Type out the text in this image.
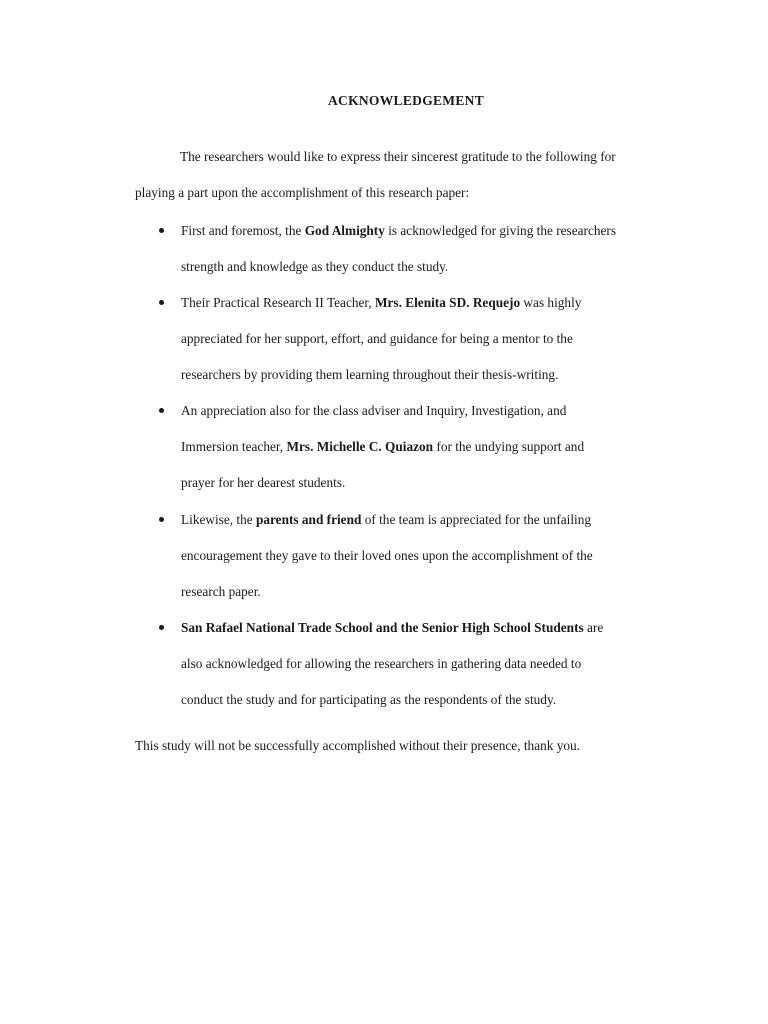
ACKNOWLEDGEMENT

The researchers would like to express their sincerest gratitude to the following for
playing a part upon the accomplishment of this research paper:

First and foremost, the God Almighty is acknowledged for giving the researchers
strength and knowledge as they conduct the study.
Their Practical Research II Teacher, Mrs. Elenita SD. Requejo was highly
appreciated for her support, effort, and guidance for being a mentor to the
researchers by providing them learning throughout their thesis-writing.
An appreciation also for the class adviser and Inquiry, Investigation, and
Immersion teacher, Mrs. Michelle C. Quiazon for the undying support and
prayer for her dearest students.
Likewise, the parents and friend of the team is appreciated for the unfailing
encouragement they gave to their loved ones upon the accomplishment of the
research paper.
San Rafael National Trade School and the Senior High School Students are
also acknowledged for allowing the researchers in gathering data needed to
conduct the study and for participating as the respondents of the study.

This study will not be successfully accomplished without their presence, thank you.
